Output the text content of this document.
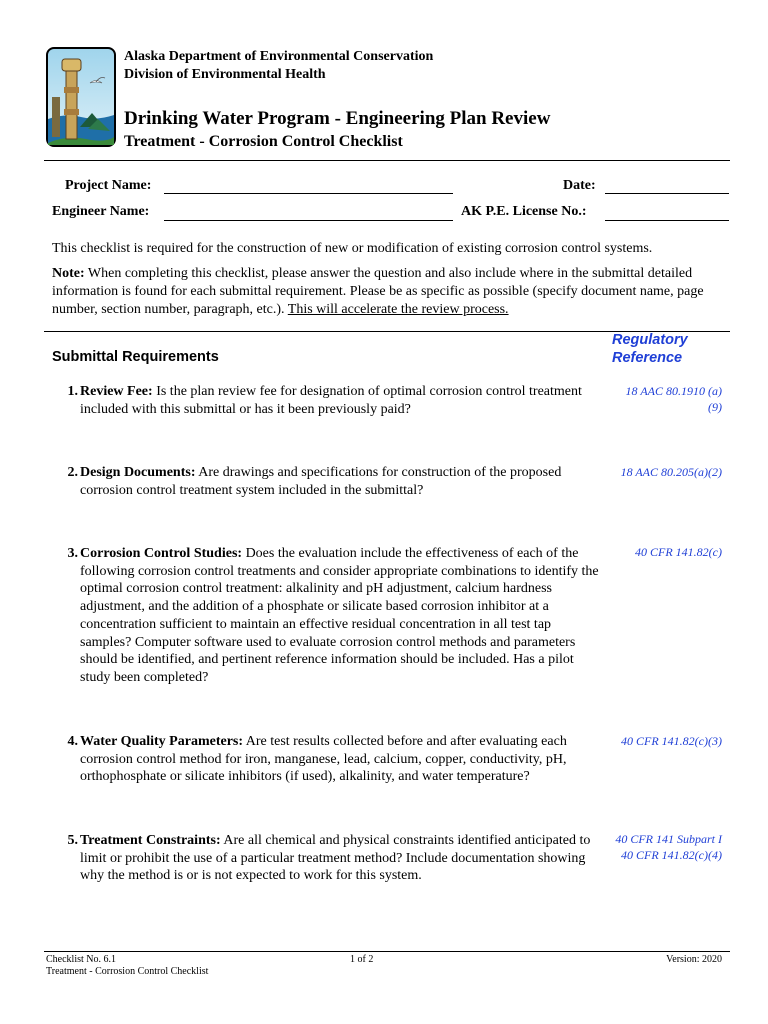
Alaska Department of Environmental Conservation
Division of Environmental Health
Drinking Water Program - Engineering Plan Review
Treatment - Corrosion Control Checklist
Project Name:	Date:
Engineer Name:	AK P.E. License No.:
This checklist is required for the construction of new or modification of existing corrosion control systems.
Note: When completing this checklist, please answer the question and also include where in the submittal detailed information is found for each submittal requirement. Please be as specific as possible (specify document name, page number, section number, paragraph, etc.). This will accelerate the review process.
Submittal Requirements
Regulatory
Reference
1. Review Fee: Is the plan review fee for designation of optimal corrosion control treatment included with this submittal or has it been previously paid?
18 AAC 80.1910 (a)
(9)
2. Design Documents: Are drawings and specifications for construction of the proposed corrosion control treatment system included in the submittal?
18 AAC 80.205(a)(2)
3. Corrosion Control Studies: Does the evaluation include the effectiveness of each of the following corrosion control treatments and consider appropriate combinations to identify the optimal corrosion control treatment: alkalinity and pH adjustment, calcium hardness adjustment, and the addition of a phosphate or silicate based corrosion inhibitor at a concentration sufficient to maintain an effective residual concentration in all test tap samples? Computer software used to evaluate corrosion control methods and parameters should be identified, and pertinent reference information should be included. Has a pilot study been completed?
40 CFR 141.82(c)
4. Water Quality Parameters: Are test results collected before and after evaluating each corrosion control method for iron, manganese, lead, calcium, copper, conductivity, pH, orthophosphate or silicate inhibitors (if used), alkalinity, and water temperature?
40 CFR 141.82(c)(3)
5. Treatment Constraints: Are all chemical and physical constraints identified anticipated to limit or prohibit the use of a particular treatment method? Include documentation showing why the method is or is not expected to work for this system.
40 CFR 141 Subpart I
40 CFR 141.82(c)(4)
Checklist No. 6.1
Treatment - Corrosion Control Checklist
1 of 2	Version: 2020
